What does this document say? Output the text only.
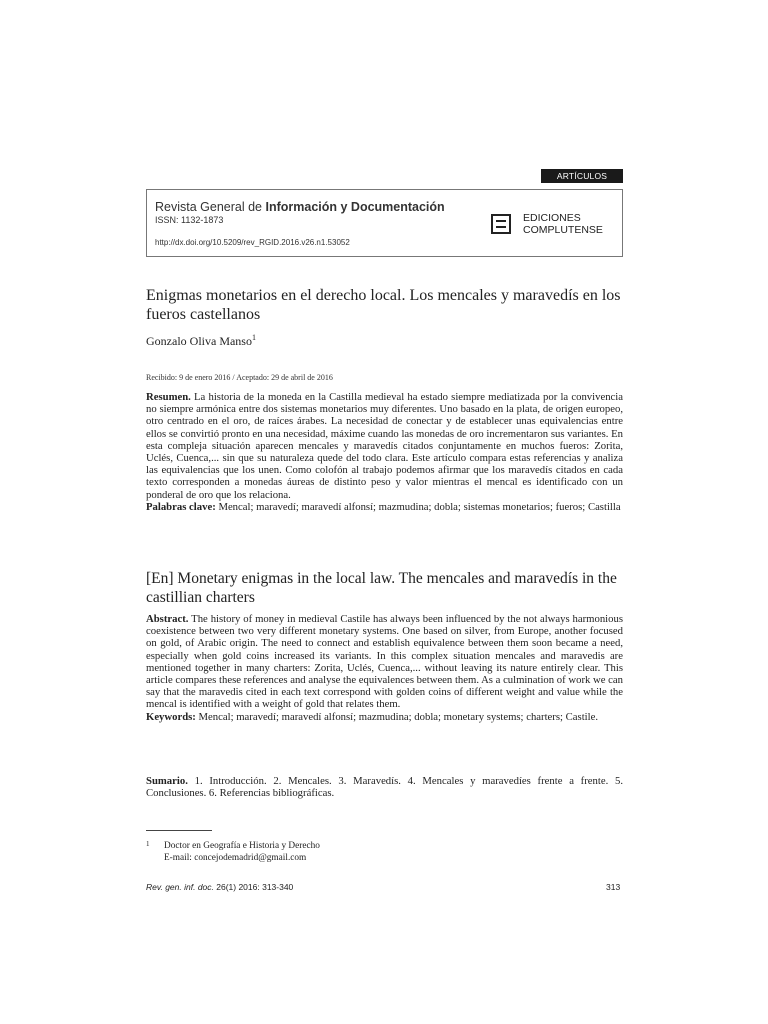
ARTÍCULOS
Revista General de Información y Documentación
ISSN: 1132-1873
http://dx.doi.org/10.5209/rev_RGID.2016.v26.n1.53052
EDICIONES
COMPLUTENSE
Enigmas monetarios en el derecho local. Los mencales y maravedís en los fueros castellanos
Gonzalo Oliva Manso$^1$
Recibido: 9 de enero 2016 / Aceptado: 29 de abril de 2016
Resumen. La historia de la moneda en la Castilla medieval ha estado siempre mediatizada por la convivencia no siempre armónica entre dos sistemas monetarios muy diferentes. Uno basado en la plata, de origen europeo, otro centrado en el oro, de raíces árabes. La necesidad de conectar y de establecer unas equivalencias entre ellos se convirtió pronto en una necesidad, máxime cuando las monedas de oro incrementaron sus variantes. En esta compleja situación aparecen mencales y maravedís citados conjuntamente en muchos fueros: Zorita, Uclés, Cuenca,... sin que su naturaleza quede del todo clara. Este artículo compara estas referencias y analiza las equivalencias que los unen. Como colofón al trabajo podemos afirmar que los maravedís citados en cada texto corresponden a monedas áureas de distinto peso y valor mientras el mencal es identificado con un ponderal de oro que los relaciona.
Palabras clave: Mencal; maravedí; maravedí alfonsí; mazmudina; dobla; sistemas monetarios; fueros; Castilla
[En] Monetary enigmas in the local law. The mencales and maravedís in the castillian charters
Abstract. The history of money in medieval Castile has always been influenced by the not always harmonious coexistence between two very different monetary systems. One based on silver, from Europe, another focused on gold, of Arabic origin. The need to connect and establish equivalence between them soon became a need, especially when gold coins increased its variants. In this complex situation mencales and maravedis are mentioned together in many charters: Zorita, Uclés, Cuenca,... without leaving its nature entirely clear. This article compares these references and analyse the equivalences between them. As a culmination of work we can say that the maravedis cited in each text correspond with golden coins of different weight and value while the mencal is identified with a weight of gold that relates them.
Keywords: Mencal; maravedí; maravedí alfonsí; mazmudina; dobla; monetary systems; charters; Castile.
Sumario. 1. Introducción. 2. Mencales. 3. Maravedís. 4. Mencales y maravedíes frente a frente. 5. Conclusiones. 6. Referencias bibliográficas.
1 Doctor en Geografía e Historia y Derecho
E-mail: concejodemadrid@gmail.com
Rev. gen. inf. doc. 26(1) 2016: 313-340	313
